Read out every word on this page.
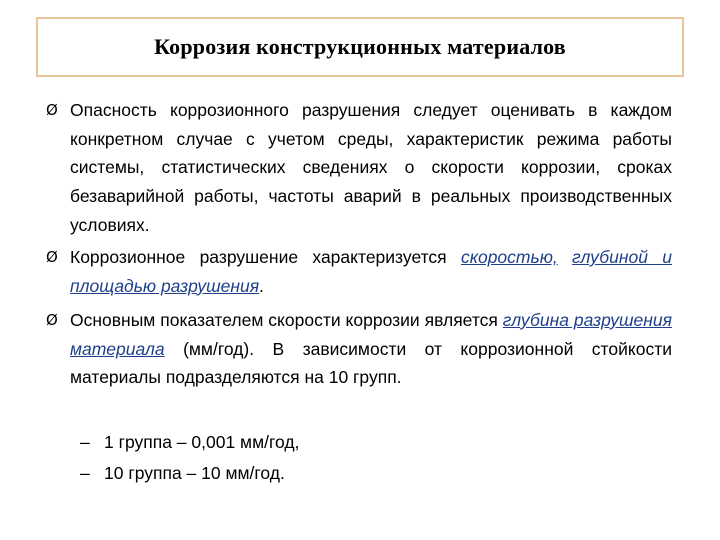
Коррозия конструкционных материалов
Ø Опасность коррозионного разрушения следует оценивать в каждом конкретном случае с учетом среды, характеристик режима работы системы, статистических сведениях о скорости коррозии, сроках безаварийной работы, частоты аварий в реальных производственных условиях.
Ø Коррозионное разрушение характеризуется скоростью, глубиной и площадью разрушения.
Ø Основным показателем скорости коррозии является глубина разрушения материала (мм/год). В зависимости от коррозионной стойкости материалы подразделяются на 10 групп.
– 1 группа – 0,001 мм/год,
– 10 группа – 10 мм/год.
